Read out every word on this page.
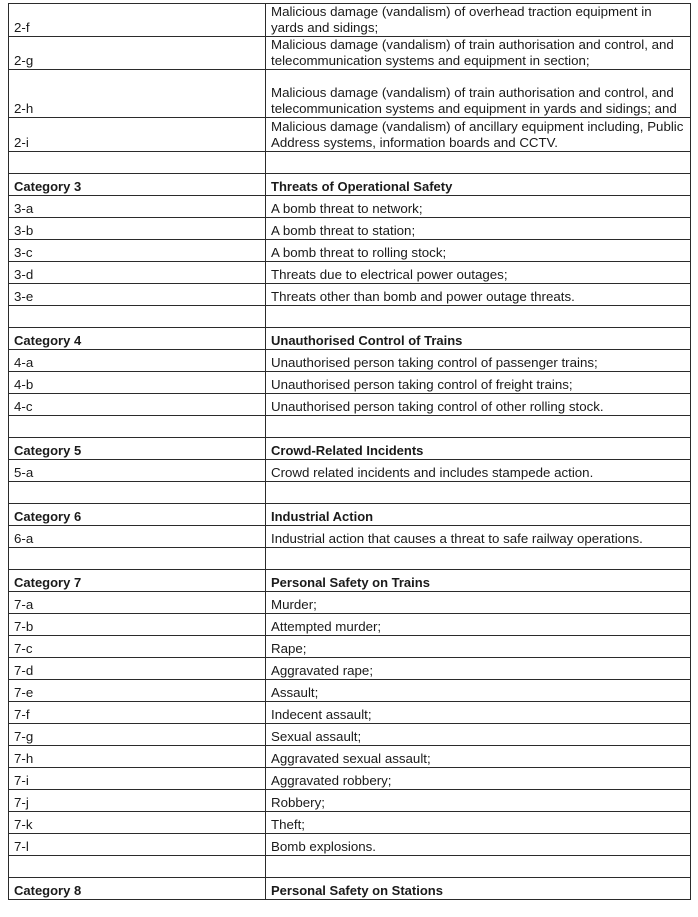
2-f	Malicious damage (vandalism) of overhead traction equipment in yards and sidings;
2-g	Malicious damage (vandalism) of train authorisation and control, and telecommunication systems and equipment in section;
2-h	Malicious damage (vandalism) of train authorisation and control, and telecommunication systems and equipment in yards and sidings; and
2-i	Malicious damage (vandalism) of ancillary equipment including, Public Address systems, information boards and CCTV.

Category 3	Threats of Operational Safety
3-a	A bomb threat to network;
3-b	A bomb threat to station;
3-c	A bomb threat to rolling stock;
3-d	Threats due to electrical power outages;
3-e	Threats other than bomb and power outage threats.

Category 4	Unauthorised Control of Trains
4-a	Unauthorised person taking control of passenger trains;
4-b	Unauthorised person taking control of freight trains;
4-c	Unauthorised person taking control of other rolling stock.

Category 5	Crowd-Related Incidents
5-a	Crowd related incidents and includes stampede action.

Category 6	Industrial Action
6-a	Industrial action that causes a threat to safe railway operations.

Category 7	Personal Safety on Trains
7-a	Murder;
7-b	Attempted murder;
7-c	Rape;
7-d	Aggravated rape;
7-e	Assault;
7-f	Indecent assault;
7-g	Sexual assault;
7-h	Aggravated sexual assault;
7-i	Aggravated robbery;
7-j	Robbery;
7-k	Theft;
7-l	Bomb explosions.

Category 8	Personal Safety on Stations
